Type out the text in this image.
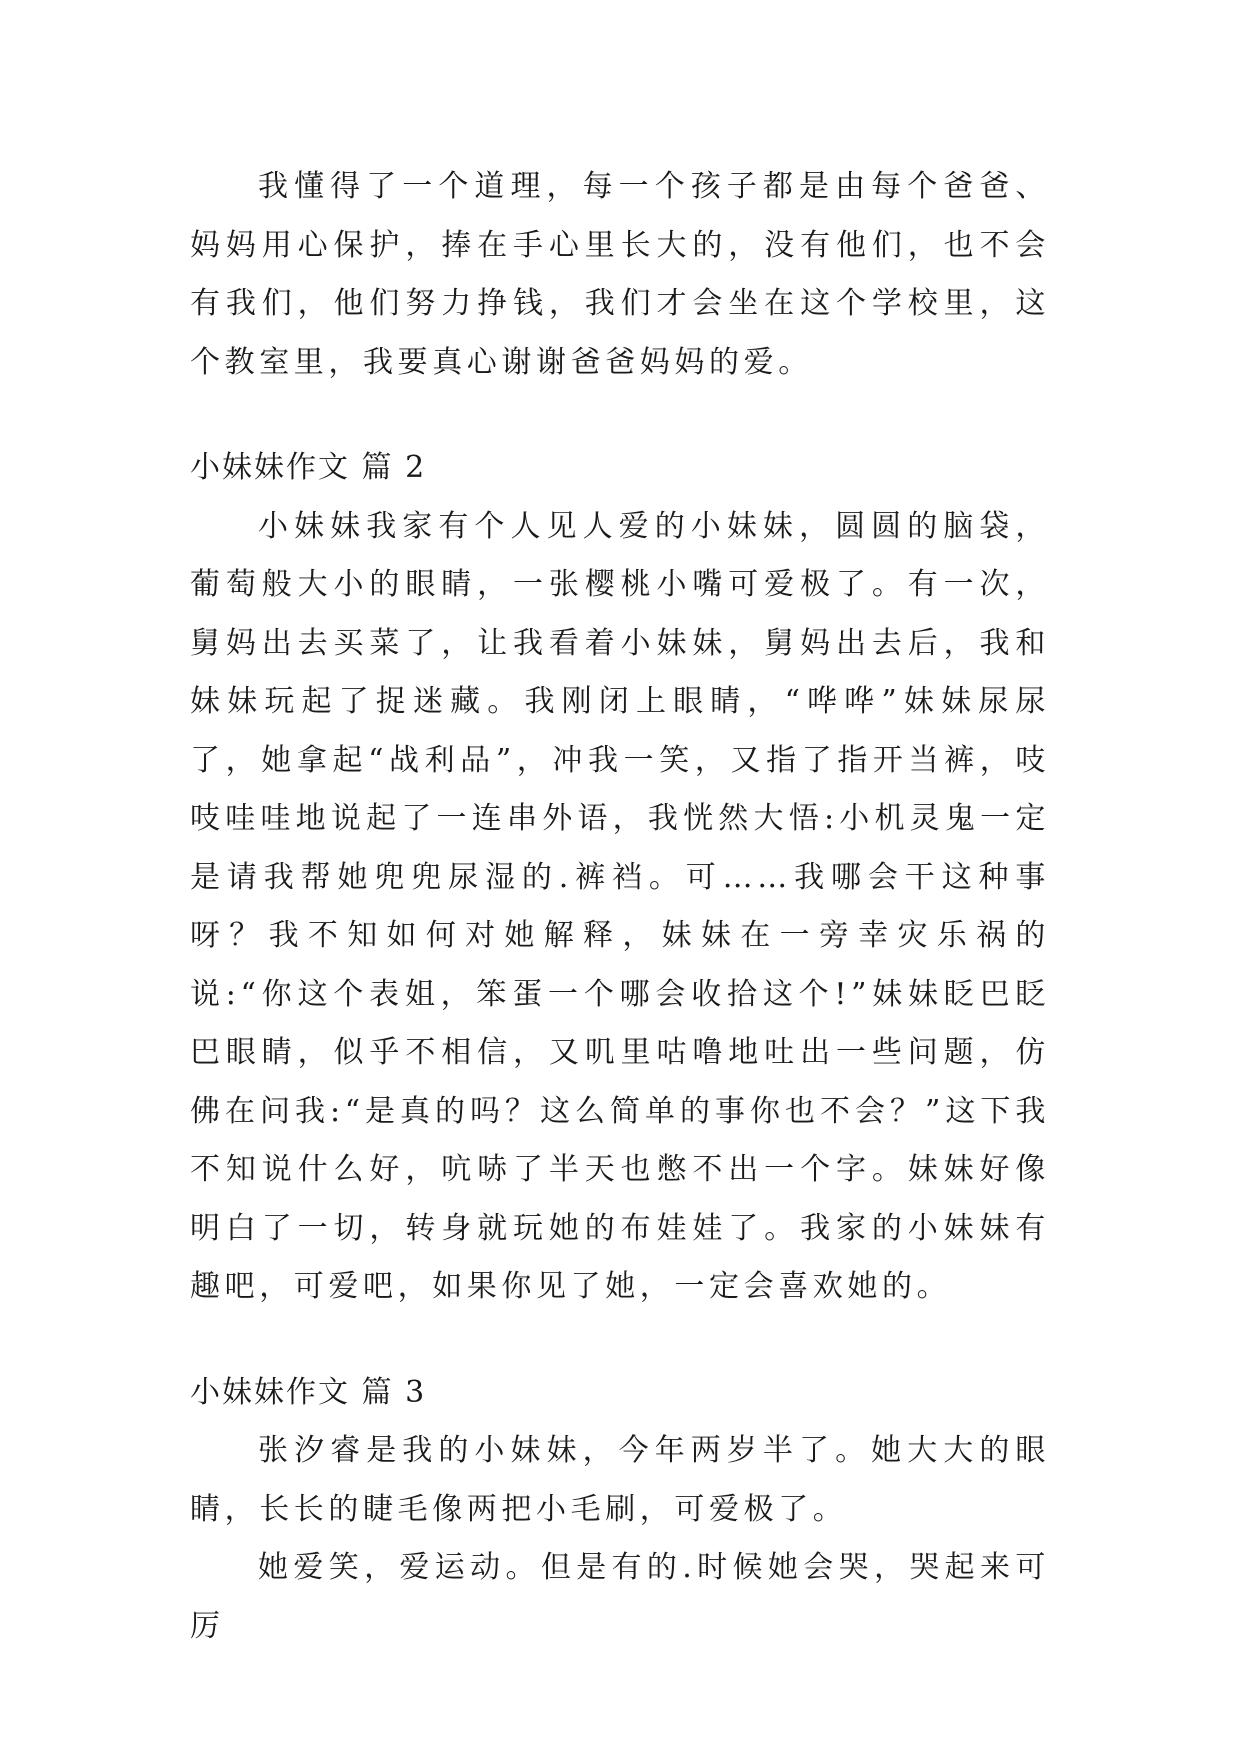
我懂得了一个道理，每一个孩子都是由每个爸爸、妈妈用心保护，捧在手心里长大的，没有他们，也不会有我们，他们努力挣钱，我们才会坐在这个学校里，这个教室里，我要真心谢谢爸爸妈妈的爱。

小妹妹作文 篇 2

小妹妹我家有个人见人爱的小妹妹，圆圆的脑袋，葡萄般大小的眼睛，一张樱桃小嘴可爱极了。有一次，舅妈出去买菜了，让我看着小妹妹，舅妈出去后，我和妹妹玩起了捉迷藏。我刚闭上眼睛，“哗哗”妹妹尿尿了，她拿起“战利品”，冲我一笑，又指了指开当裤，吱吱哇哇地说起了一连串外语，我恍然大悟:小机灵鬼一定是请我帮她兜兜尿湿的.裤裆。可……我哪会干这种事呀？我不知如何对她解释，妹妹在一旁幸灾乐祸的说:“你这个表姐，笨蛋一个哪会收拾这个!”妹妹眨巴眨巴眼睛，似乎不相信，又叽里咕噜地吐出一些问题，仿佛在问我:“是真的吗？这么简单的事你也不会？”这下我不知说什么好，吭哧了半天也憋不出一个字。妹妹好像明白了一切，转身就玩她的布娃娃了。我家的小妹妹有趣吧，可爱吧，如果你见了她，一定会喜欢她的。

小妹妹作文 篇 3

张汐睿是我的小妹妹，今年两岁半了。她大大的眼睛，长长的睫毛像两把小毛刷，可爱极了。

她爱笑，爱运动。但是有的.时候她会哭，哭起来可厉
